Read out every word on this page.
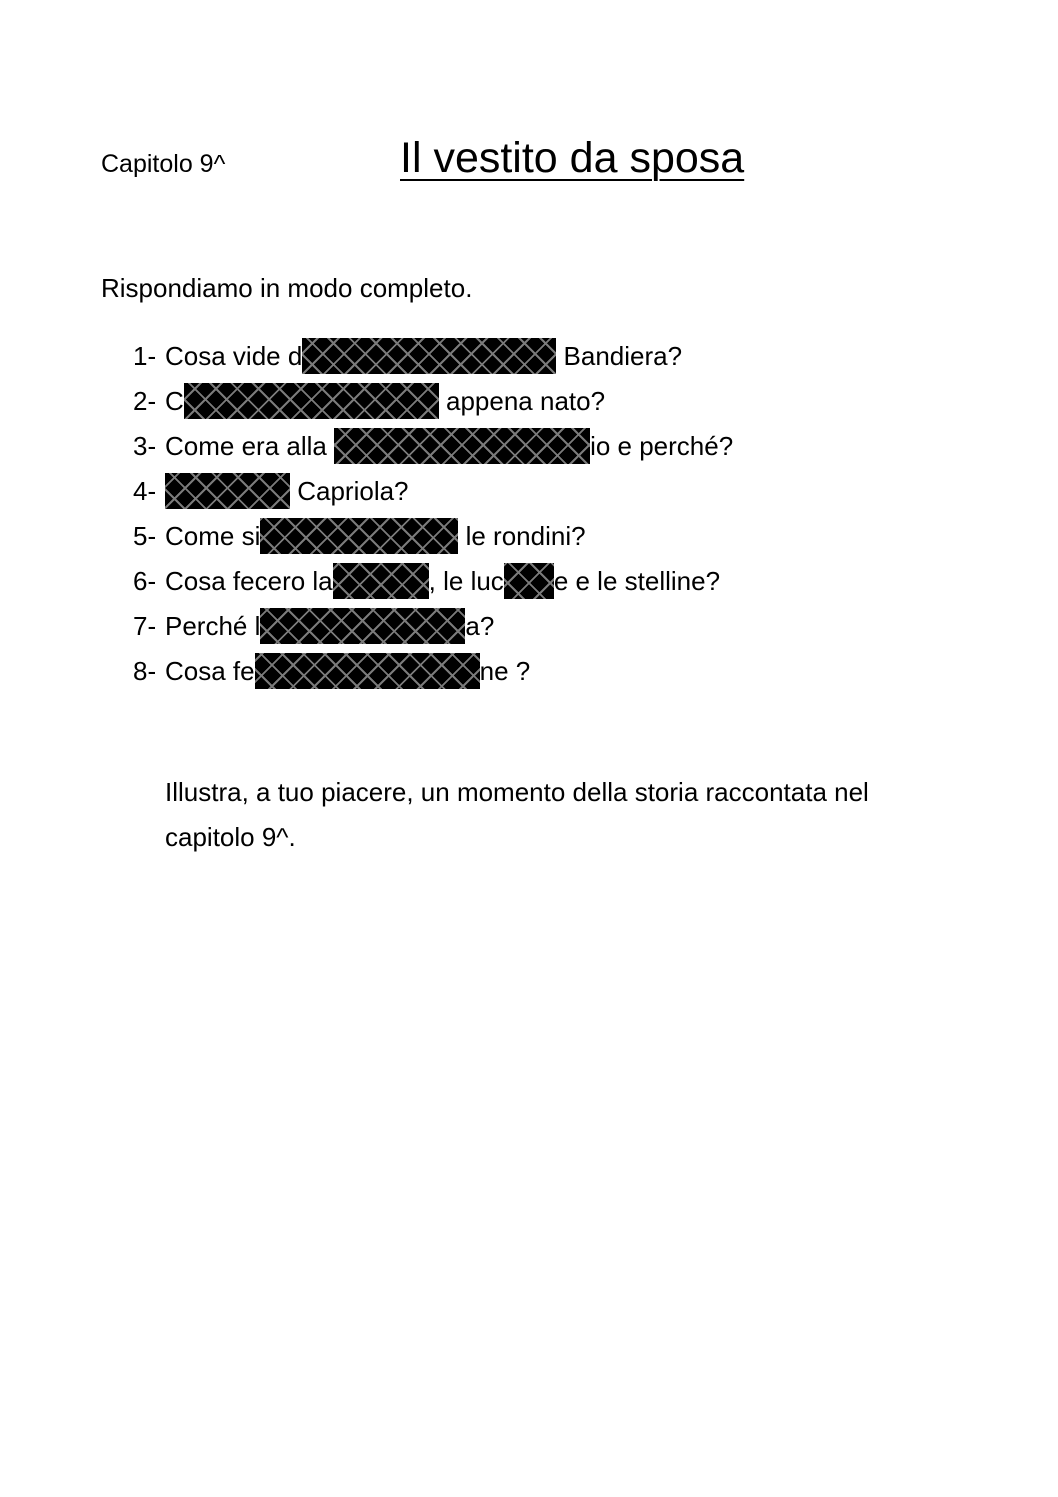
Capitolo 9^	Il vestito da sposa
Rispondiamo in modo completo.
1- Cosa vide d	Bandiera?
2- C	appena nato?
3- Come era alla	io e perché?
4-	Capriola?
5- Come si	le rondini?
6- Cosa fecero la	, le luc e e le stelline?
7- Perché l	a?
8- Cosa fe	ne ?

Illustra, a tuo piacere, un momento della storia raccontata nel capitolo 9^.
